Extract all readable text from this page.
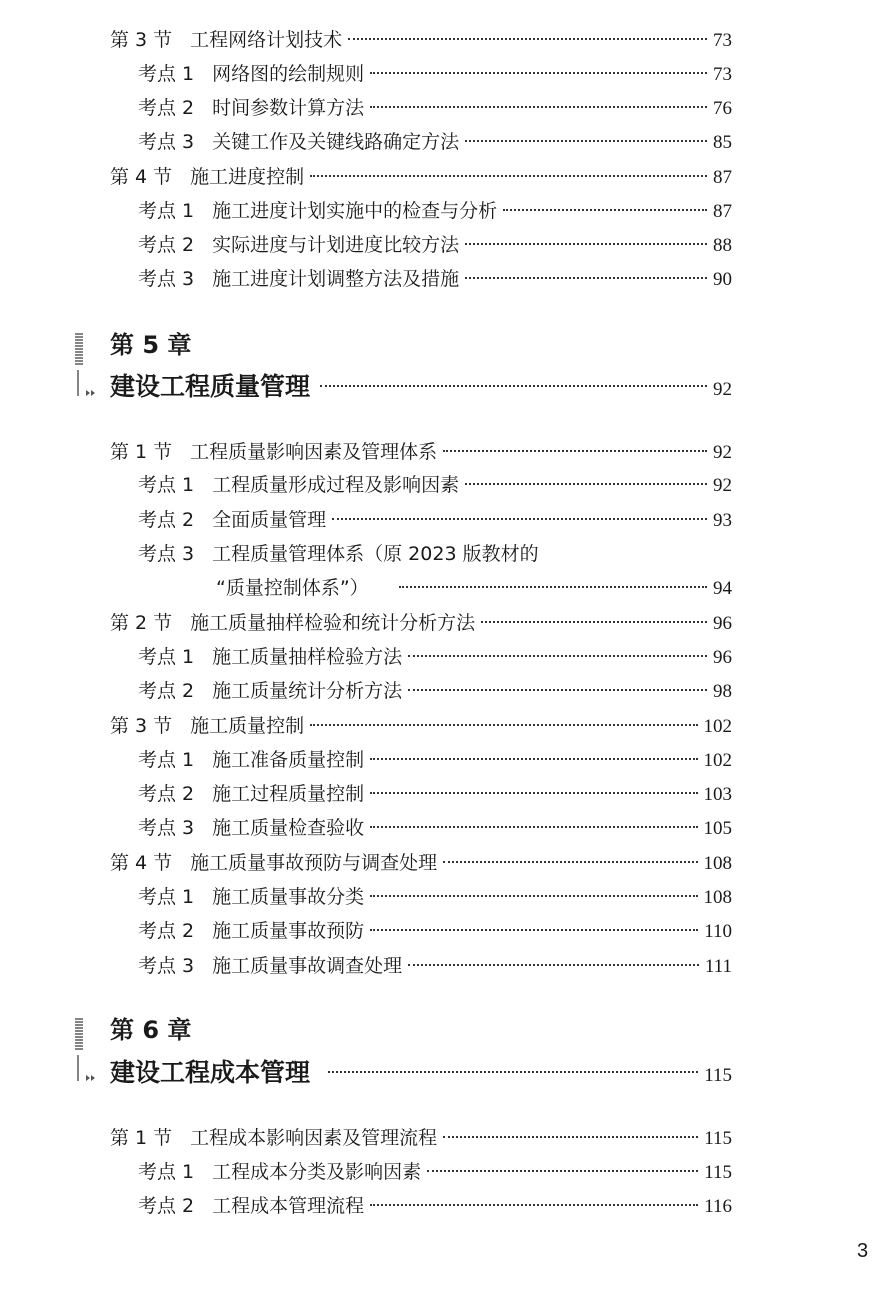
第 3 节 工程网络计划技术	73
考点 1 网络图的绘制规则	73
考点 2 时间参数计算方法	76
考点 3 关键工作及关键线路确定方法	85
第 4 节 施工进度控制	87
考点 1 施工进度计划实施中的检查与分析	87
考点 2 实际进度与计划进度比较方法	88
考点 3 施工进度计划调整方法及措施	90
第 5 章
建设工程质量管理	92
第 1 节 工程质量影响因素及管理体系	92
考点 1 工程质量形成过程及影响因素	92
考点 2 全面质量管理	93
考点 3 工程质量管理体系（原 2023 版教材的
“质量控制体系”）	94
第 2 节 施工质量抽样检验和统计分析方法	96
考点 1 施工质量抽样检验方法	96
考点 2 施工质量统计分析方法	98
第 3 节 施工质量控制	102
考点 1 施工准备质量控制	102
考点 2 施工过程质量控制	103
考点 3 施工质量检查验收	105
第 4 节 施工质量事故预防与调查处理	108
考点 1 施工质量事故分类	108
考点 2 施工质量事故预防	110
考点 3 施工质量事故调查处理	111
第 6 章
建设工程成本管理	115
第 1 节 工程成本影响因素及管理流程	115
考点 1 工程成本分类及影响因素	115
考点 2 工程成本管理流程	116
3
